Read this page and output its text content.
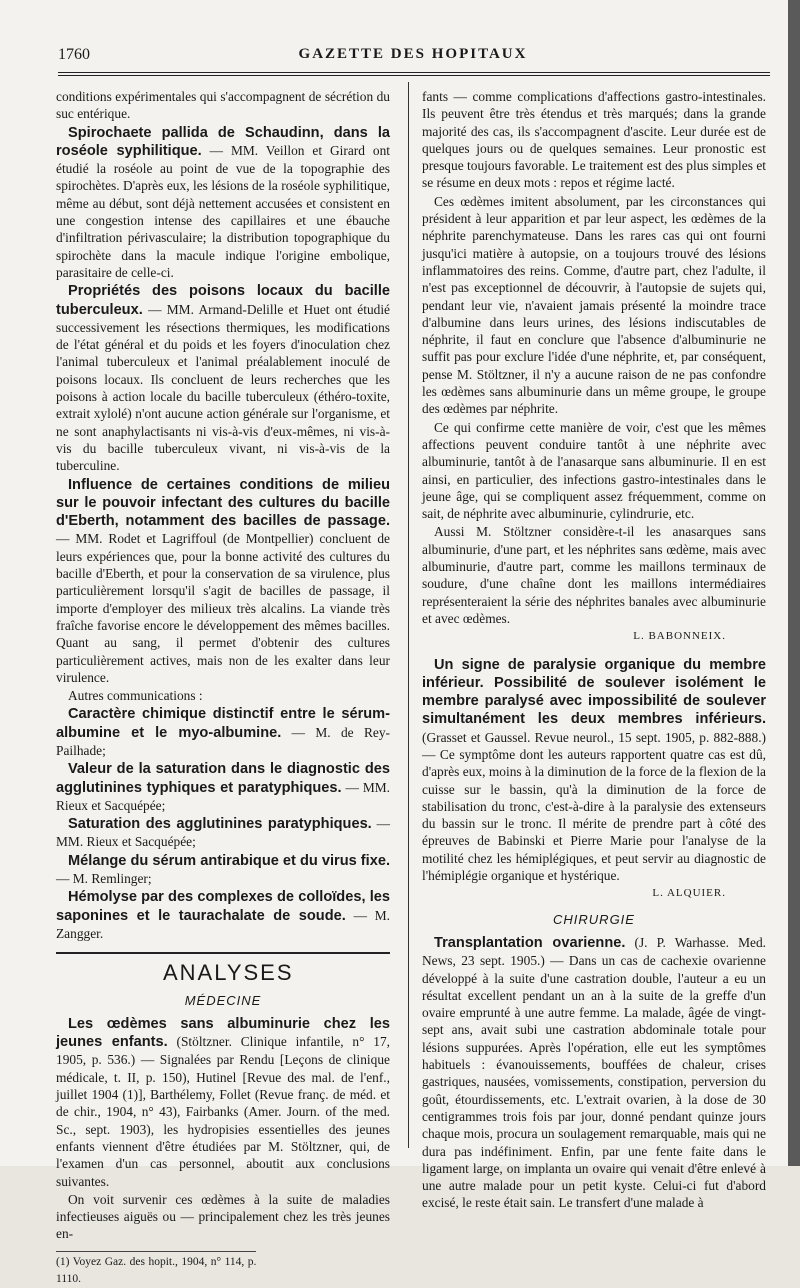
1760	GAZETTE DES HOPITAUX

conditions expérimentales qui s'accompagnent de sécrétion du suc entérique.

Spirochaete pallida de Schaudinn, dans la roséole syphilitique. — MM. Veillon et Girard ont étudié la roséole au point de vue de la topographie des spirochètes. D'après eux, les lésions de la roséole syphilitique, même au début, sont déjà nettement accusées et consistent en une congestion intense des capillaires et une ébauche d'infiltration périvasculaire; la distribution topographique du spirochète dans la macule indique l'origine embolique, parasitaire de celle-ci.

Propriétés des poisons locaux du bacille tuberculeux. — MM. Armand-Delille et Huet ont étudié successivement les résections thermiques, les modifications de l'état général et du poids et les foyers d'inoculation chez l'animal tuberculeux et l'animal préalablement inoculé de poisons locaux. Ils concluent de leurs recherches que les poisons à action locale du bacille tuberculeux (éthéro-toxite, extrait xylolé) n'ont aucune action générale sur l'organisme, et ne sont anaphylactisants ni vis-à-vis d'eux-mêmes, ni vis-à-vis du bacille tuberculeux vivant, ni vis-à-vis de la tuberculine.

Influence de certaines conditions de milieu sur le pouvoir infectant des cultures du bacille d'Eberth, notamment des bacilles de passage. — MM. Rodet et Lagriffoul (de Montpellier) concluent de leurs expériences que, pour la bonne activité des cultures du bacille d'Eberth, et pour la conservation de sa virulence, plus particulièrement lorsqu'il s'agit de bacilles de passage, il importe d'employer des milieux très alcalins. La viande très fraîche favorise encore le développement des mêmes bacilles. Quant au sang, il permet d'obtenir des cultures particulièrement actives, mais non de les exalter dans leur virulence.

Autres communications :

Caractère chimique distinctif entre le sérum-albumine et le myo-albumine. — M. de Rey-Pailhade;

Valeur de la saturation dans le diagnostic des agglutinines typhiques et paratyphiques. — MM. Rieux et Sacquépée;

Saturation des agglutinines paratyphiques. — MM. Rieux et Sacquépée;

Mélange du sérum antirabique et du virus fixe. — M. Remlinger;

Hémolyse par des complexes de colloïdes, les saponines et le taurachalate de soude. — M. Zangger.

ANALYSES
MÉDECINE

Les œdèmes sans albuminurie chez les jeunes enfants. (Stöltzner. Clinique infantile, n° 17, 1905, p. 536.) — Signalées par Rendu [Leçons de clinique médicale, t. II, p. 150), Hutinel [Revue des mal. de l'enf., juillet 1904 (1)], Barthélemy, Follet (Revue franç. de méd. et de chir., 1904, n° 43), Fairbanks (Amer. Journ. of the med. Sc., sept. 1903), les hydropisies essentielles des jeunes enfants viennent d'être étudiées par M. Stöltzner, qui, de l'examen d'un cas personnel, aboutit aux conclusions suivantes.

On voit survenir ces œdèmes à la suite de maladies infectieuses aiguës ou — principalement chez les très jeunes en-

(1) Voyez Gaz. des hopit., 1904, n° 114, p. 1110.

fants — comme complications d'affections gastro-intestinales. Ils peuvent être très étendus et très marqués; dans la grande majorité des cas, ils s'accompagnent d'ascite. Leur durée est de quelques jours ou de quelques semaines. Leur pronostic est presque toujours favorable. Le traitement est des plus simples et se résume en deux mots : repos et régime lacté.

Ces œdèmes imitent absolument, par les circonstances qui président à leur apparition et par leur aspect, les œdèmes de la néphrite parenchymateuse. Dans les rares cas qui ont fourni jusqu'ici matière à autopsie, on a toujours trouvé des lésions inflammatoires des reins. Comme, d'autre part, chez l'adulte, il n'est pas exceptionnel de découvrir, à l'autopsie de sujets qui, pendant leur vie, n'avaient jamais présenté la moindre trace d'albumine dans leurs urines, des lésions indiscutables de néphrite, il faut en conclure que l'absence d'albuminurie ne suffit pas pour exclure l'idée d'une néphrite, et, par conséquent, pense M. Stöltzner, il n'y a aucune raison de ne pas confondre les œdèmes sans albuminurie dans un même groupe, le groupe des œdèmes par néphrite.

Ce qui confirme cette manière de voir, c'est que les mêmes affections peuvent conduire tantôt à une néphrite avec albuminurie, tantôt à de l'anasarque sans albuminurie. Il en est ainsi, en particulier, des infections gastro-intestinales dans le jeune âge, qui se compliquent assez fréquemment, comme on sait, de néphrite avec albuminurie, cylindrurie, etc.

Aussi M. Stöltzner considère-t-il les anasarques sans albuminurie, d'une part, et les néphrites sans œdème, mais avec albuminurie, d'autre part, comme les maillons terminaux de soudure, d'une chaîne dont les maillons intermédiaires représenteraient la série des néphrites banales avec albuminurie et avec œdèmes.

L. BABONNEIX.

Un signe de paralysie organique du membre inférieur. Possibilité de soulever isolément le membre paralysé avec impossibilité de soulever simultanément les deux membres inférieurs. (Grasset et Gaussel. Revue neurol., 15 sept. 1905, p. 882-888.) — Ce symptôme dont les auteurs rapportent quatre cas est dû, d'après eux, moins à la diminution de la force de la flexion de la cuisse sur le bassin, qu'à la diminution de la force de stabilisation du tronc, c'est-à-dire à la paralysie des extenseurs du bassin sur le tronc. Il mérite de prendre part à côté des épreuves de Babinski et Pierre Marie pour l'analyse de la motilité chez les hémiplégiques, et peut servir au diagnostic de l'hémiplégie organique et hystérique.

L. ALQUIER.
CHIRURGIE

Transplantation ovarienne. (J. P. Warhasse. Med. News, 23 sept. 1905.) — Dans un cas de cachexie ovarienne développé à la suite d'une castration double, l'auteur a eu un résultat excellent pendant un an à la suite de la greffe d'un ovaire emprunté à une autre femme. La malade, âgée de vingt-sept ans, avait subi une castration abdominale totale pour lésions suppurées. Après l'opération, elle eut les symptômes habituels : évanouissements, bouffées de chaleur, crises gastriques, nausées, vomissements, constipation, perversion du goût, étourdissements, etc. L'extrait ovarien, à la dose de 30 centigrammes trois fois par jour, donné pendant quinze jours chaque mois, procura un soulagement remarquable, mais qui ne dura pas indéfiniment. Enfin, par une fente faite dans le ligament large, on implanta un ovaire qui venait d'être enlevé à une autre malade pour un petit kyste. Celui-ci fut d'abord excisé, le reste était sain. Le transfert d'une malade à
